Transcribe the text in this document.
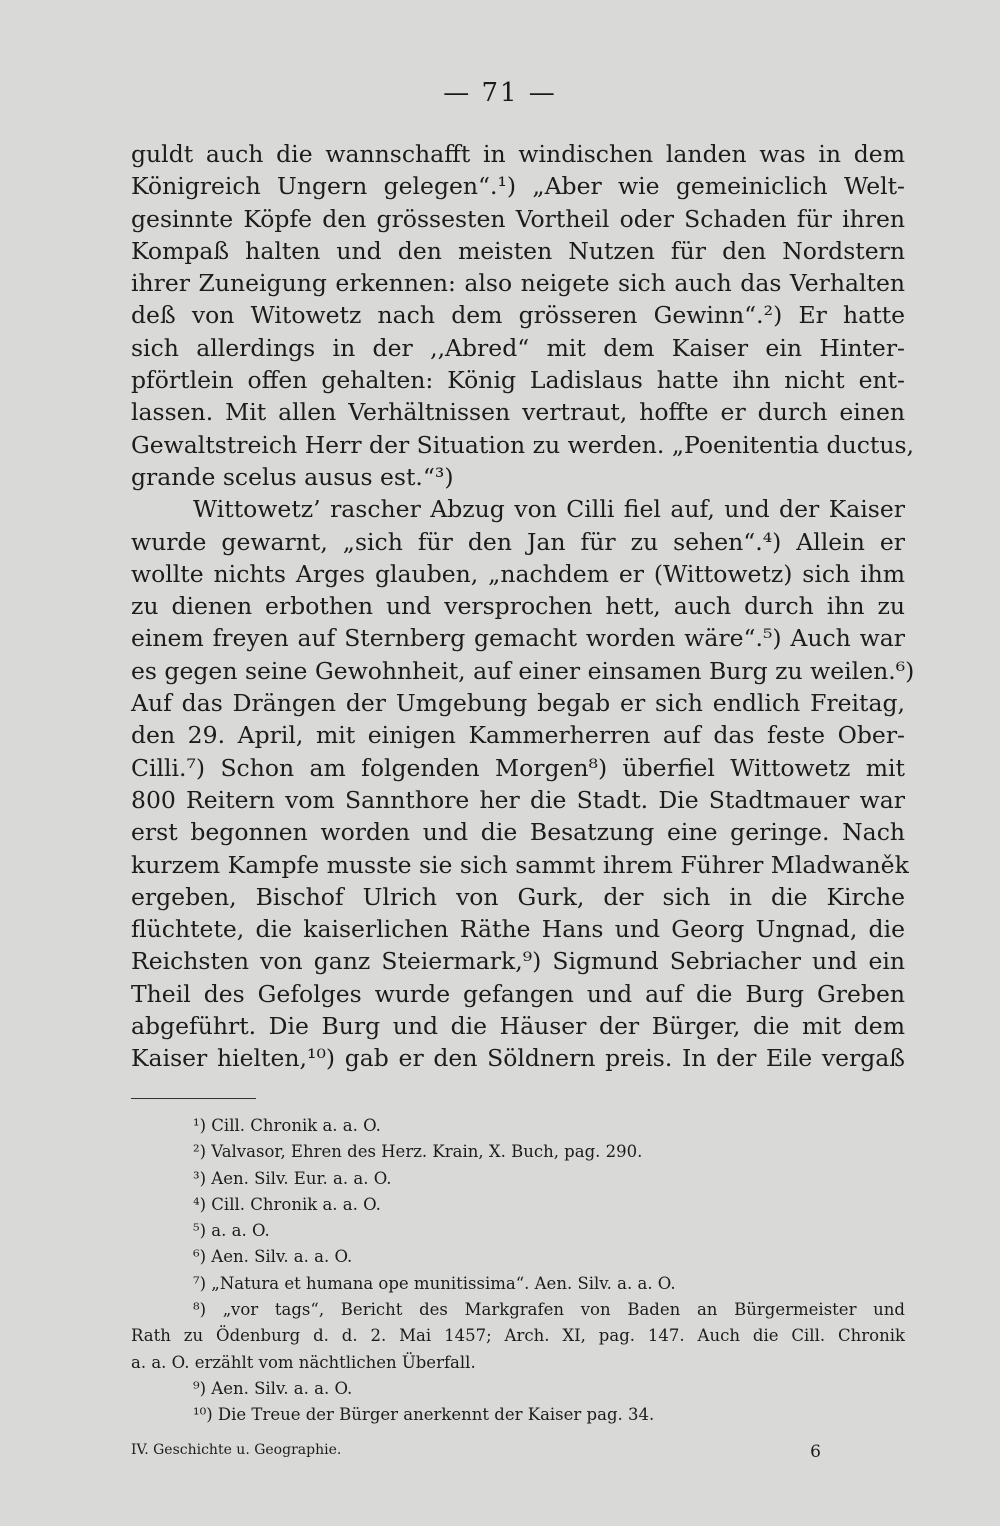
— 71 —
guldt auch die wannschafft in windischen landen was in dem
Königreich Ungern gelegen“.¹) „Aber wie gemeiniclich Welt-
gesinnte Köpfe den grössesten Vortheil oder Schaden für ihren
Kompaß halten und den meisten Nutzen für den Nordstern
ihrer Zuneigung erkennen: also neigete sich auch das Verhalten
deß von Witowetz nach dem grösseren Gewinn“.²) Er hatte
sich allerdings in der ,,Abred“ mit dem Kaiser ein Hinter-
pförtlein offen gehalten: König Ladislaus hatte ihn nicht ent-
lassen. Mit allen Verhältnissen vertraut, hoffte er durch einen
Gewaltstreich Herr der Situation zu werden. „Poenitentia ductus,
grande scelus ausus est.“³)
Wittowetz’ rascher Abzug von Cilli fiel auf, und der Kaiser
wurde gewarnt, „sich für den Jan für zu sehen“.⁴) Allein er
wollte nichts Arges glauben, „nachdem er (Wittowetz) sich ihm
zu dienen erbothen und versprochen hett, auch durch ihn zu
einem freyen auf Sternberg gemacht worden wäre“.⁵) Auch war
es gegen seine Gewohnheit, auf einer einsamen Burg zu weilen.⁶)
Auf das Drängen der Umgebung begab er sich endlich Freitag,
den 29. April, mit einigen Kammerherren auf das feste Ober-
Cilli.⁷) Schon am folgenden Morgen⁸) überfiel Wittowetz mit
800 Reitern vom Sannthore her die Stadt. Die Stadtmauer war
erst begonnen worden und die Besatzung eine geringe. Nach
kurzem Kampfe musste sie sich sammt ihrem Führer Mladwaněk
ergeben, Bischof Ulrich von Gurk, der sich in die Kirche
flüchtete, die kaiserlichen Räthe Hans und Georg Ungnad, die
Reichsten von ganz Steiermark,⁹) Sigmund Sebriacher und ein
Theil des Gefolges wurde gefangen und auf die Burg Greben
abgeführt. Die Burg und die Häuser der Bürger, die mit dem
Kaiser hielten,¹⁰) gab er den Söldnern preis. In der Eile vergaß
¹) Cill. Chronik a. a. O.
²) Valvasor, Ehren des Herz. Krain, X. Buch, pag. 290.
³) Aen. Silv. Eur. a. a. O.
⁴) Cill. Chronik a. a. O.
⁵) a. a. O.
⁶) Aen. Silv. a. a. O.
⁷) „Natura et humana ope munitissima“. Aen. Silv. a. a. O.
⁸) „vor tags“, Bericht des Markgrafen von Baden an Bürgermeister und
Rath zu Ödenburg d. d. 2. Mai 1457; Arch. XI, pag. 147. Auch die Cill. Chronik
a. a. O. erzählt vom nächtlichen Überfall.
⁹) Aen. Silv. a. a. O.
¹⁰) Die Treue der Bürger anerkennt der Kaiser pag. 34.
IV. Geschichte u. Geographie.	6
